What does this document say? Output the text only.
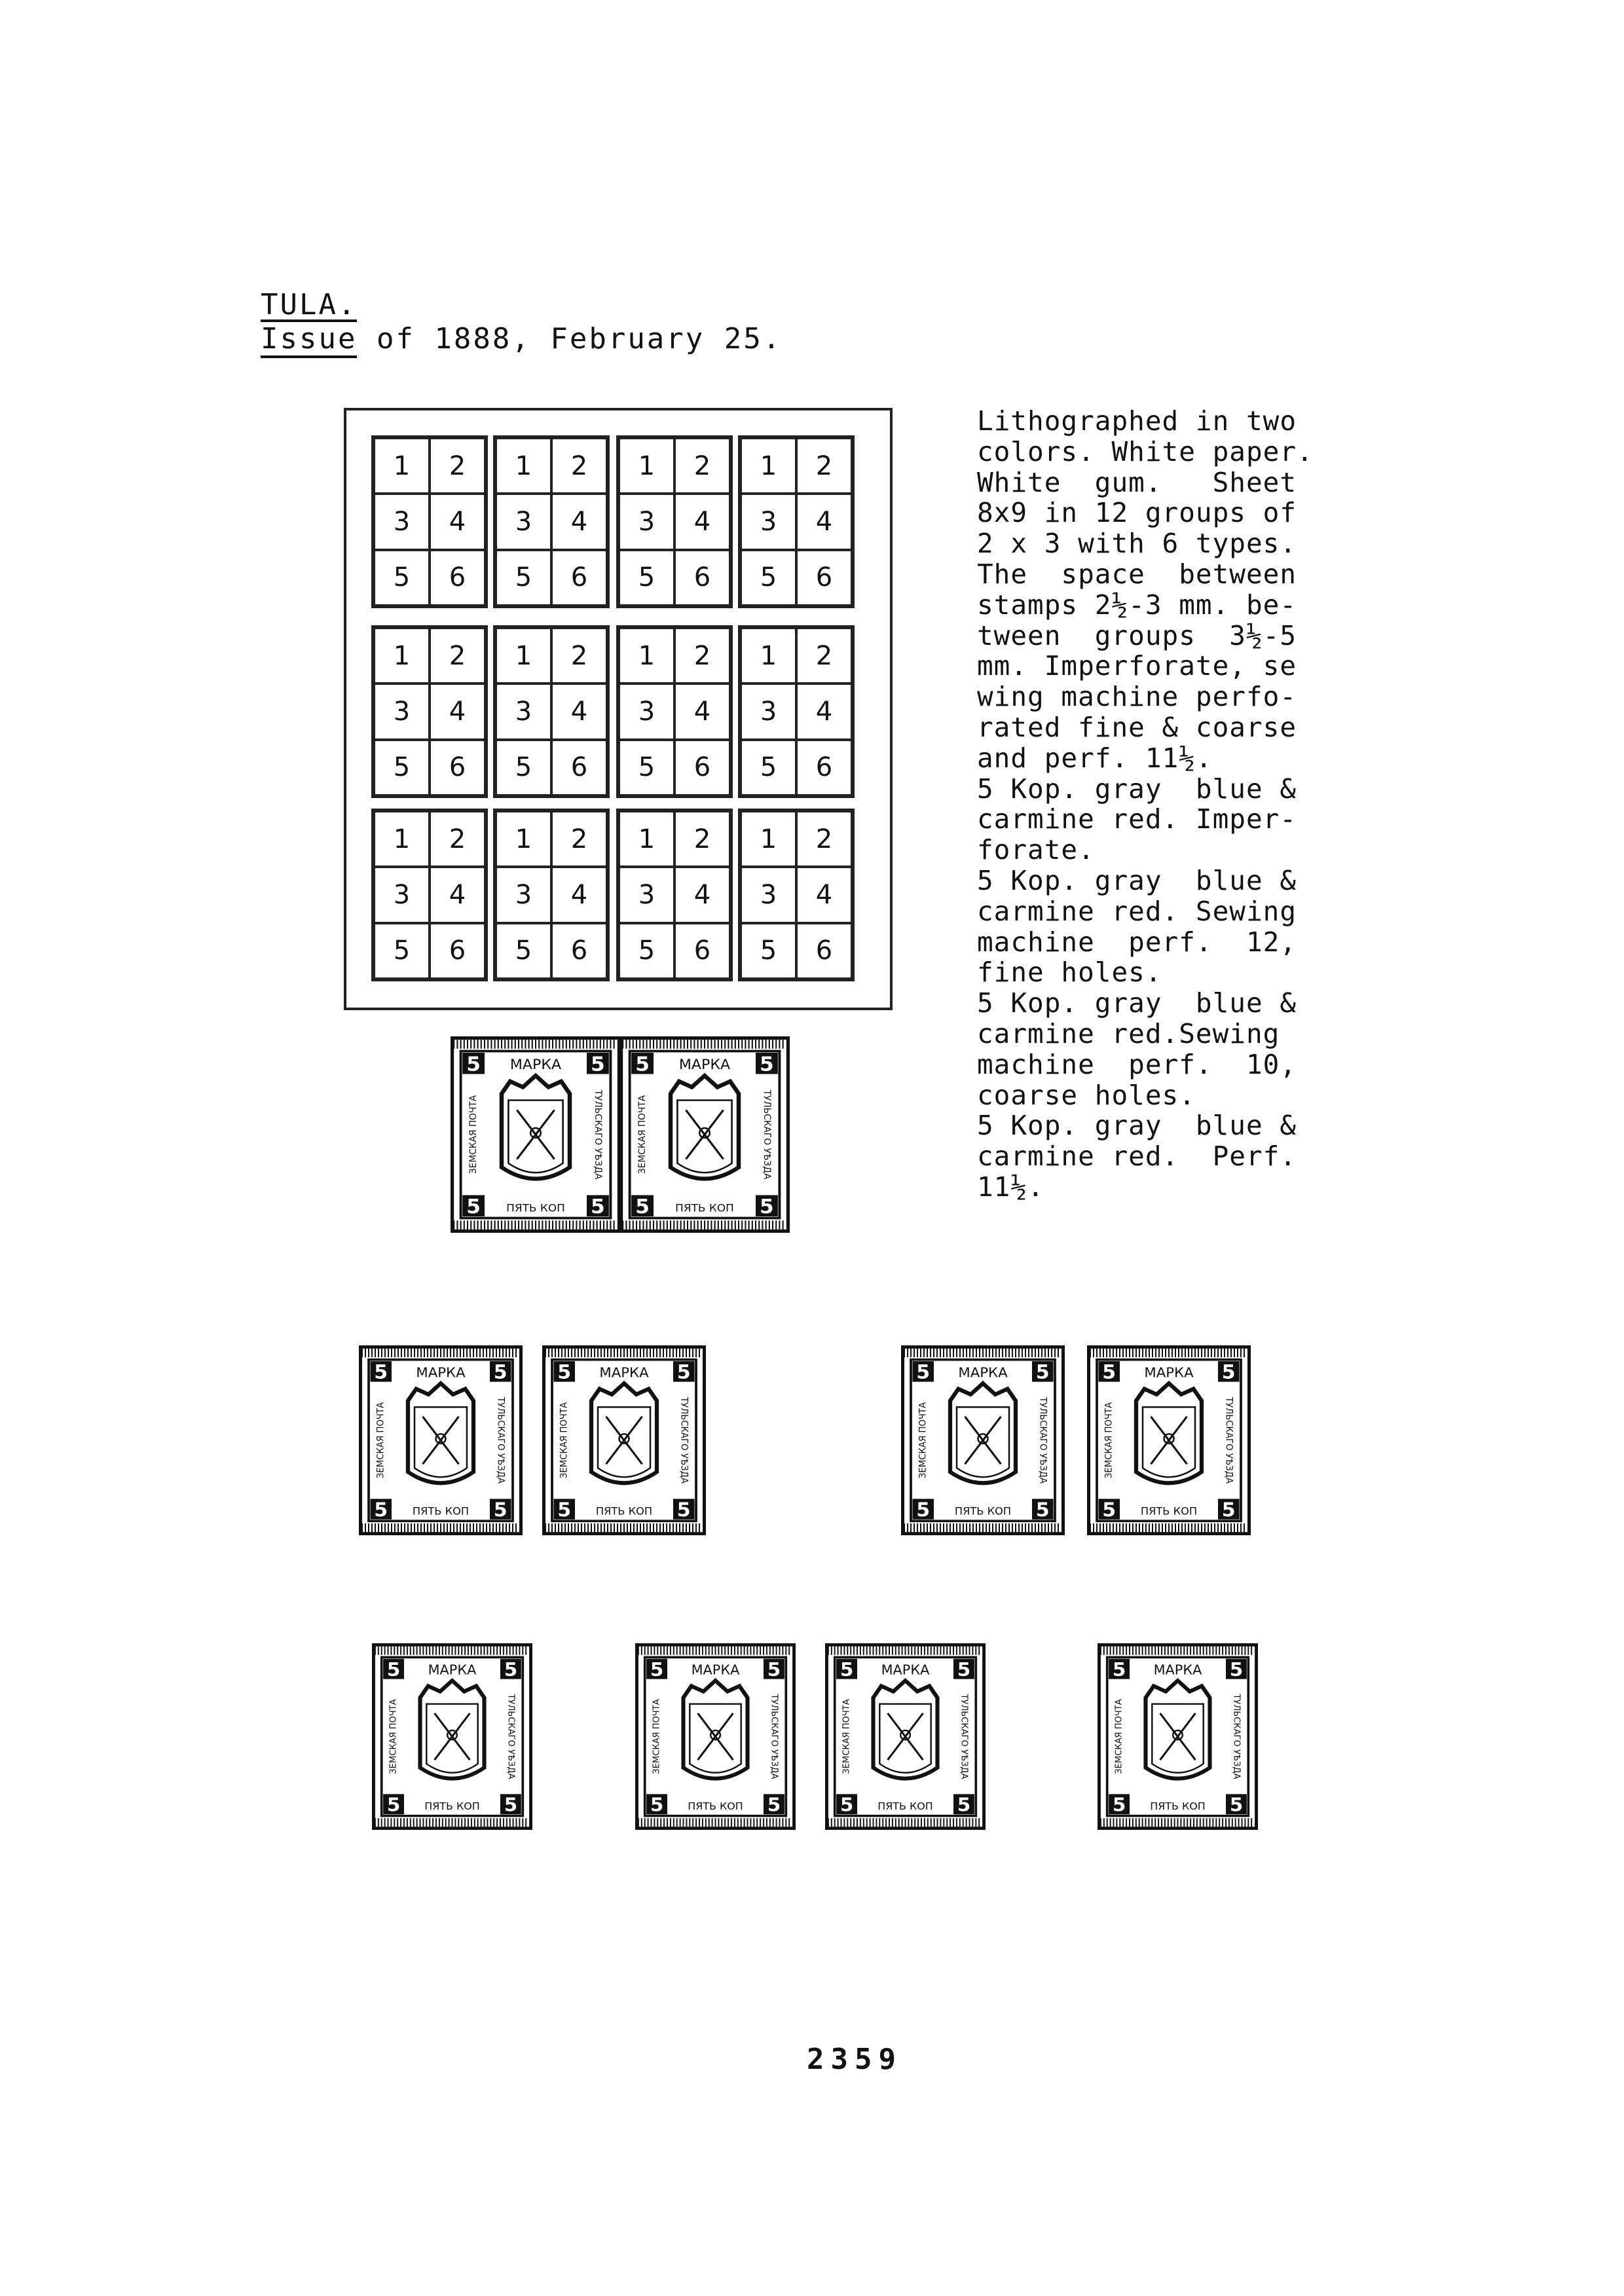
TULA.
Issue of 1888, February 25.
1	2
3	4
5	6
1	2
3	4
5	6
1	2
3	4
5	6
1	2
3	4
5	6
1	2
3	4
5	6
1	2
3	4
5	6
1	2
3	4
5	6
1	2
3	4
5	6
1	2
3	4
5	6
1	2
3	4
5	6
1	2
3	4
5	6
1	2
3	4
5	6
Lithographed in two
colors. White paper.
White  gum.   Sheet
8x9 in 12 groups of
2 x 3 with 6 types.
The  space  between
stamps 2½-3 mm. be-
tween  groups  3½-5
mm. Imperforate, se
wing machine perfo-
rated fine & coarse
and perf. 11½.
5 Kop. gray  blue &
carmine red. Imper-
forate.
5 Kop. gray  blue &
carmine red. Sewing
machine  perf.  12,
fine holes.
5 Kop. gray  blue &
carmine red.Sewing
machine  perf.  10,
coarse holes.
5 Kop. gray  blue &
carmine red.  Perf.
11½.
5	5
5	5
МАРКА
ПЯТЬ КОП
ЗЕМСКАЯ ПОЧТА	ТУЛЬСКАГО УѢЗДА
5	5
5	5
МАРКА
ПЯТЬ КОП
ЗЕМСКАЯ ПОЧТА	ТУЛЬСКАГО УѢЗДА
5	5
5	5
МАРКА
ПЯТЬ КОП
ЗЕМСКАЯ ПОЧТА	ТУЛЬСКАГО УѢЗДА
5	5
5	5
МАРКА
ПЯТЬ КОП
ЗЕМСКАЯ ПОЧТА	ТУЛЬСКАГО УѢЗДА
5	5
5	5
МАРКА
ПЯТЬ КОП
ЗЕМСКАЯ ПОЧТА	ТУЛЬСКАГО УѢЗДА
5	5
5	5
МАРКА
ПЯТЬ КОП
ЗЕМСКАЯ ПОЧТА	ТУЛЬСКАГО УѢЗДА
5	5
5	5
МАРКА
ПЯТЬ КОП
ЗЕМСКАЯ ПОЧТА	ТУЛЬСКАГО УѢЗДА
5	5
5	5
МАРКА
ПЯТЬ КОП
ЗЕМСКАЯ ПОЧТА	ТУЛЬСКАГО УѢЗДА
5	5
5	5
МАРКА
ПЯТЬ КОП
ЗЕМСКАЯ ПОЧТА	ТУЛЬСКАГО УѢЗДА
5	5
5	5
МАРКА
ПЯТЬ КОП
ЗЕМСКАЯ ПОЧТА	ТУЛЬСКАГО УѢЗДА
2359
